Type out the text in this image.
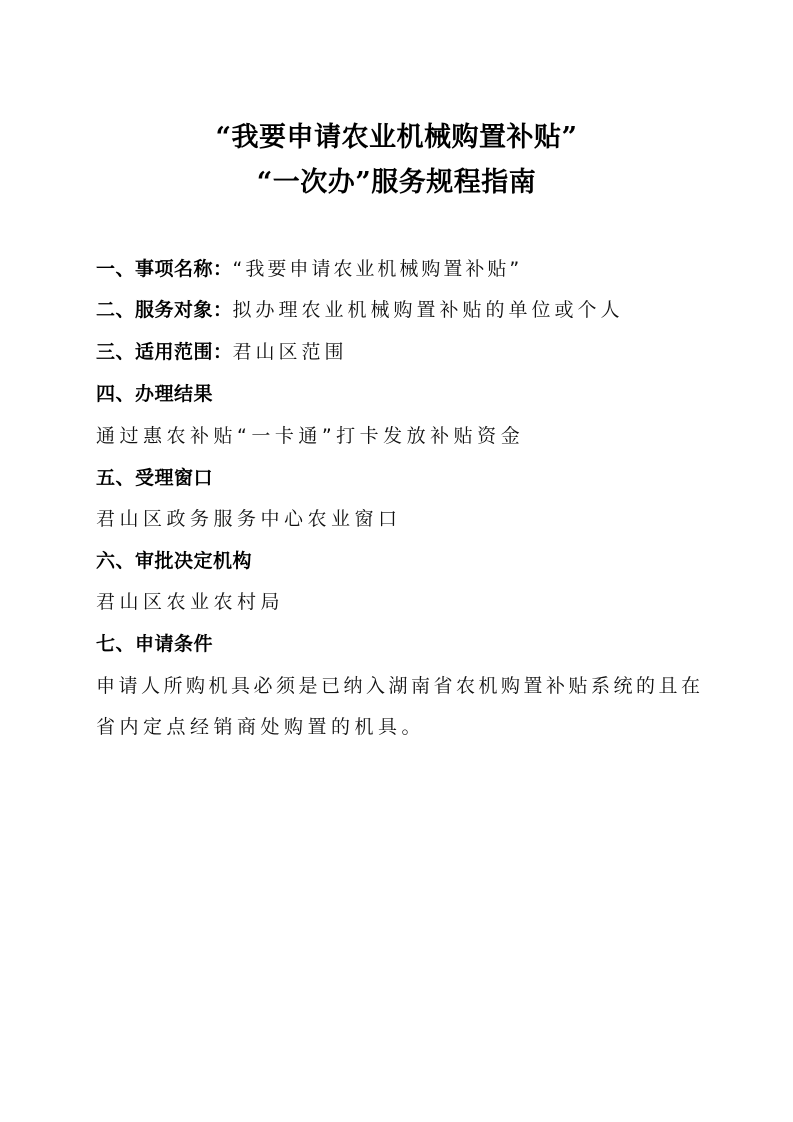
“我要申请农业机械购置补贴”
“一次办”服务规程指南
一、事项名称：“我要申请农业机械购置补贴”
二、服务对象：拟办理农业机械购置补贴的单位或个人
三、适用范围：君山区范围
四、办理结果
通过惠农补贴“一卡通”打卡发放补贴资金
五、受理窗口
君山区政务服务中心农业窗口
六、审批决定机构
君山区农业农村局
七、申请条件
申请人所购机具必须是已纳入湖南省农机购置补贴系统的且在
省内定点经销商处购置的机具。
